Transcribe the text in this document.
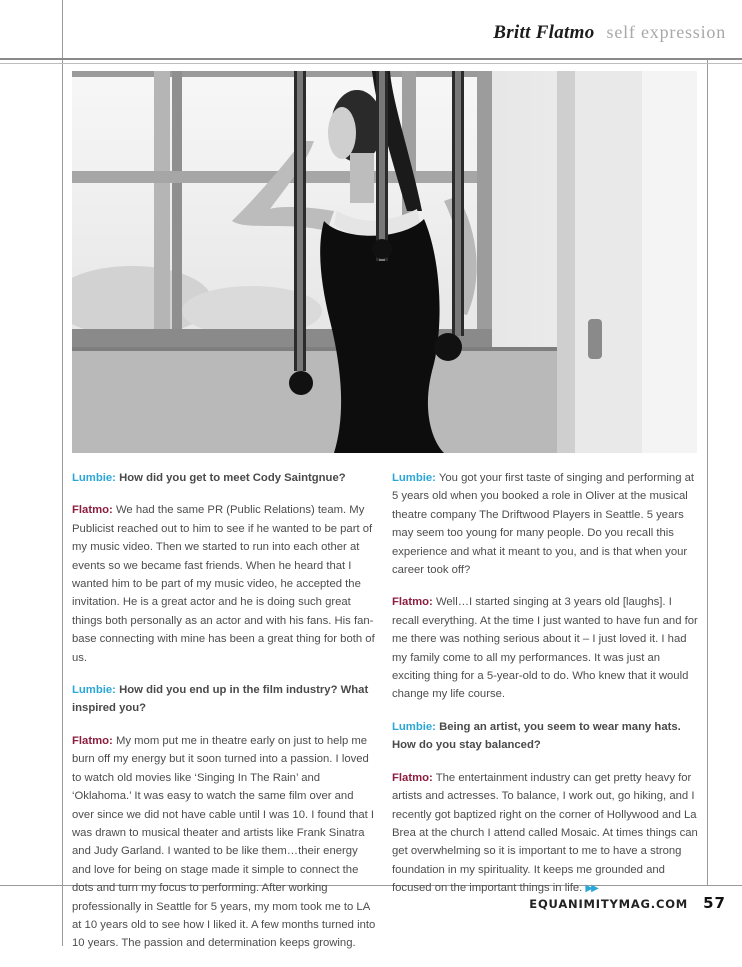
Britt Flatmo self expression

Lumbie: How did you get to meet Cody Saintgnue?

Flatmo: We had the same PR (Public Relations) team. My Publicist reached out to him to see if he wanted to be part of my music video. Then we started to run into each other at events so we became fast friends. When he heard that I wanted him to be part of my music video, he accepted the invitation. He is a great actor and he is doing such great things both personally as an actor and with his fans. His fan-base connecting with mine has been a great thing for both of us.

Lumbie: How did you end up in the film industry? What inspired you?

Flatmo: My mom put me in theatre early on just to help me burn off my energy but it soon turned into a passion. I loved to watch old movies like ‘Singing In The Rain’ and ‘Oklahoma.’ It was easy to watch the same film over and over since we did not have cable until I was 10. I found that I was drawn to musical theater and artists like Frank Sinatra and Judy Garland. I wanted to be like them…their energy and love for being on stage made it simple to connect the dots and turn my focus to performing. After working professionally in Seattle for 5 years, my mom took me to LA at 10 years old to see how I liked it. A few months turned into 10 years. The passion and determination keeps growing.

Lumbie: You got your first taste of singing and performing at 5 years old when you booked a role in Oliver at the musical theatre company The Driftwood Players in Seattle. 5 years may seem too young for many people. Do you recall this experience and what it meant to you, and is that when your career took off?

Flatmo: Well…I started singing at 3 years old [laughs]. I recall everything. At the time I just wanted to have fun and for me there was nothing serious about it – I just loved it. I had my family come to all my performances. It was just an exciting thing for a 5-year-old to do. Who knew that it would change my life course.

Lumbie: Being an artist, you seem to wear many hats. How do you stay balanced?

Flatmo: The entertainment industry can get pretty heavy for artists and actresses. To balance, I work out, go hiking, and I recently got baptized right on the corner of Hollywood and La Brea at the church I attend called Mosaic. At times things can get overwhelming so it is important to me to have a strong foundation in my spirituality. It keeps me grounded and focused on the important things in life. ▶▶

EQUANIMITYMAG.COM 57
